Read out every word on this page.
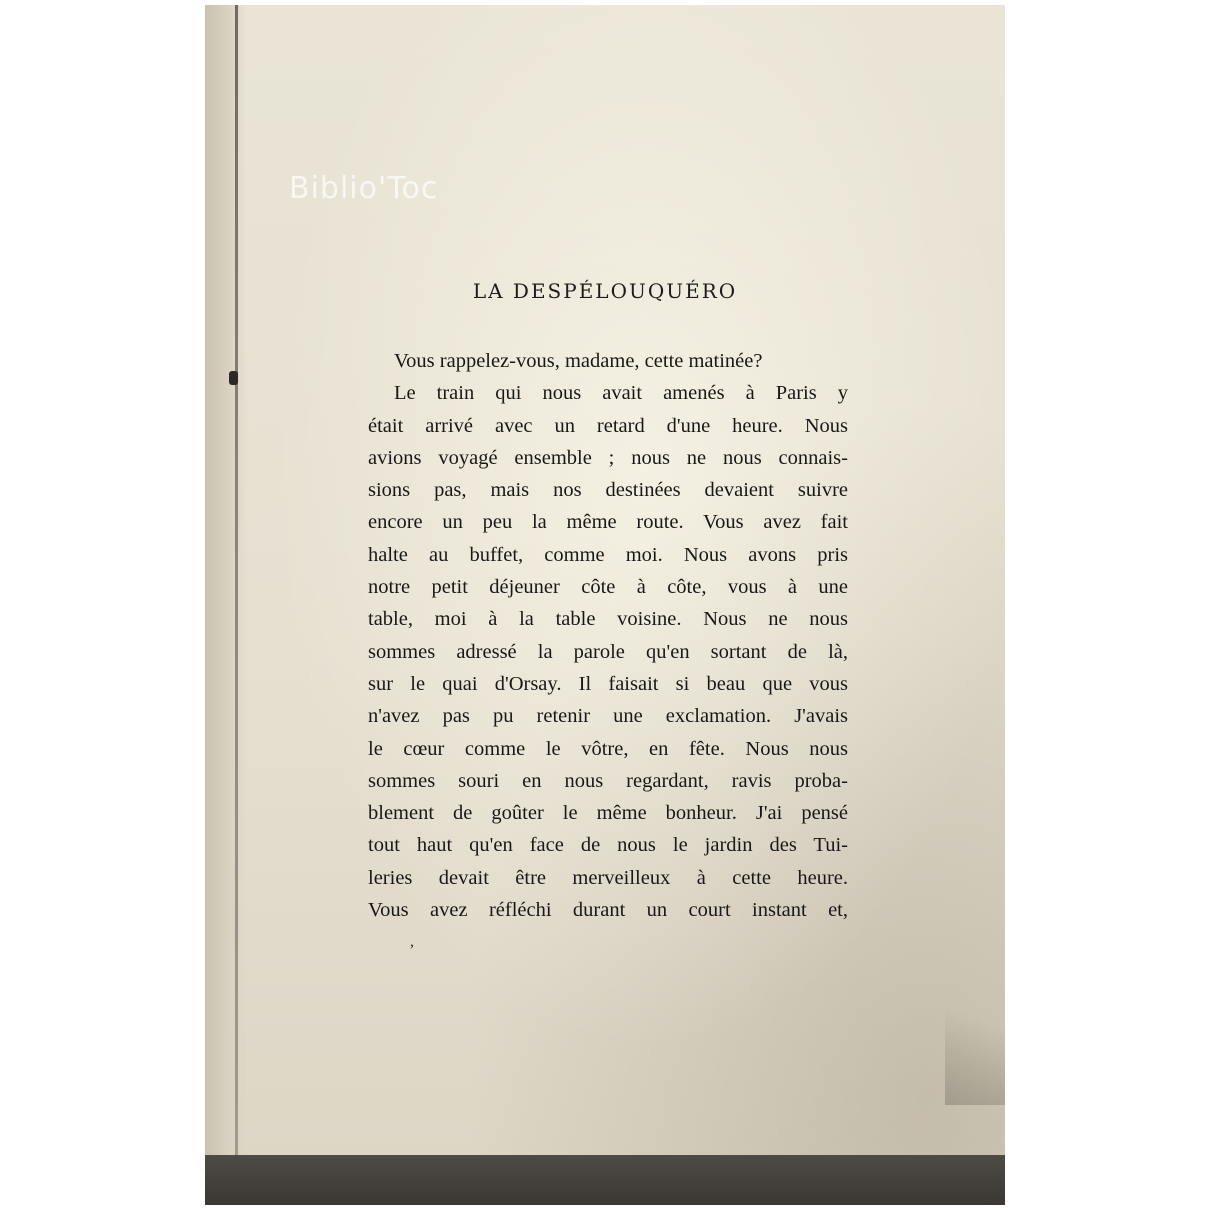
Biblio'Toc
LA DESPÉLOUQUÉRO
Vous rappelez-vous, madame, cette matinée?
Le train qui nous avait amenés à Paris y
était arrivé avec un retard d'une heure. Nous
avions voyagé ensemble ; nous ne nous connais-
sions pas, mais nos destinées devaient suivre
encore un peu la même route. Vous avez fait
halte au buffet, comme moi. Nous avons pris
notre petit déjeuner côte à côte, vous à une
table, moi à la table voisine. Nous ne nous
sommes adressé la parole qu'en sortant de là,
sur le quai d'Orsay. Il faisait si beau que vous
n'avez pas pu retenir une exclamation. J'avais
le cœur comme le vôtre, en fête. Nous nous
sommes souri en nous regardant, ravis proba-
blement de goûter le même bonheur. J'ai pensé
tout haut qu'en face de nous le jardin des Tui-
leries devait être merveilleux à cette heure.
Vous avez réfléchi durant un court instant et,
,
